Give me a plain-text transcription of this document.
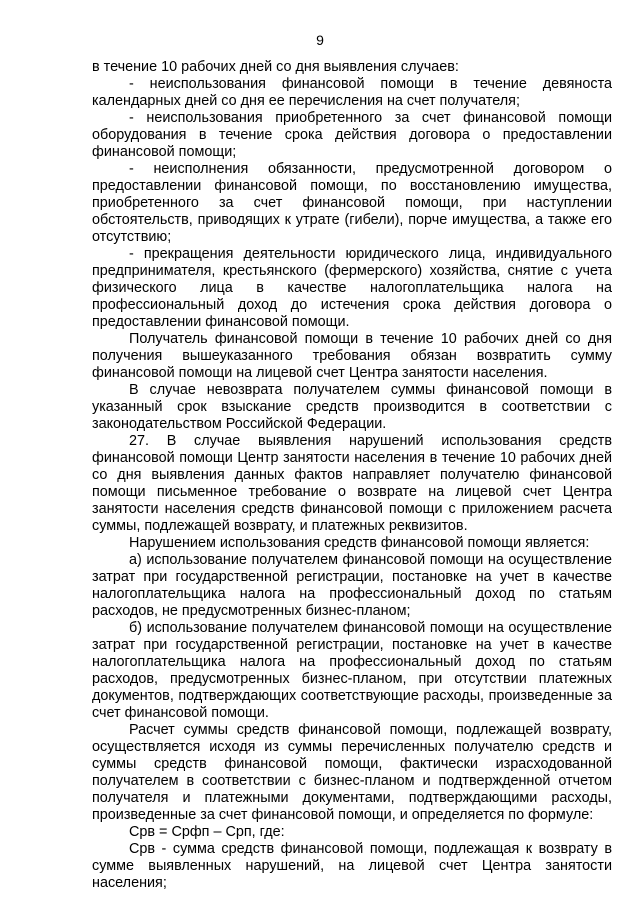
9

в течение 10 рабочих дней со дня выявления случаев:

- неиспользования финансовой помощи в течение девяноста календарных дней со дня ее перечисления на счет получателя;

- неиспользования приобретенного за счет финансовой помощи оборудования в течение срока действия договора о предоставлении финансовой помощи;

- неисполнения обязанности, предусмотренной договором о предоставлении финансовой помощи, по восстановлению имущества, приобретенного за счет финансовой помощи, при наступлении обстоятельств, приводящих к утрате (гибели), порче имущества, а также его отсутствию;

- прекращения деятельности юридического лица, индивидуального предпринимателя, крестьянского (фермерского) хозяйства, снятие с учета физического лица в качестве налогоплательщика налога на профессиональный доход до истечения срока действия договора о предоставлении финансовой помощи.

Получатель финансовой помощи в течение 10 рабочих дней со дня получения вышеуказанного требования обязан возвратить сумму финансовой помощи на лицевой счет Центра занятости населения.

В случае невозврата получателем суммы финансовой помощи в указанный срок взыскание средств производится в соответствии с законодательством Российской Федерации.

27. В случае выявления нарушений использования средств финансовой помощи Центр занятости населения в течение 10 рабочих дней со дня выявления данных фактов направляет получателю финансовой помощи письменное требование о возврате на лицевой счет Центра занятости населения средств финансовой помощи с приложением расчета суммы, подлежащей возврату, и платежных реквизитов.

Нарушением использования средств финансовой помощи является:

а) использование получателем финансовой помощи на осуществление затрат при государственной регистрации, постановке на учет в качестве налогоплательщика налога на профессиональный доход по статьям расходов, не предусмотренных бизнес-планом;

б) использование получателем финансовой помощи на осуществление затрат при государственной регистрации, постановке на учет в качестве налогоплательщика налога на профессиональный доход по статьям расходов, предусмотренных бизнес-планом, при отсутствии платежных документов, подтверждающих соответствующие расходы, произведенные за счет финансовой помощи.

Расчет суммы средств финансовой помощи, подлежащей возврату, осуществляется исходя из суммы перечисленных получателю средств и суммы средств финансовой помощи, фактически израсходованной получателем в соответствии с бизнес-планом и подтвержденной отчетом получателя и платежными документами, подтверждающими расходы, произведенные за счет финансовой помощи, и определяется по формуле:

Срв = Срфп – Срп, где:

Срв - сумма средств финансовой помощи, подлежащая к возврату в сумме выявленных нарушений, на лицевой счет Центра занятости населения;
